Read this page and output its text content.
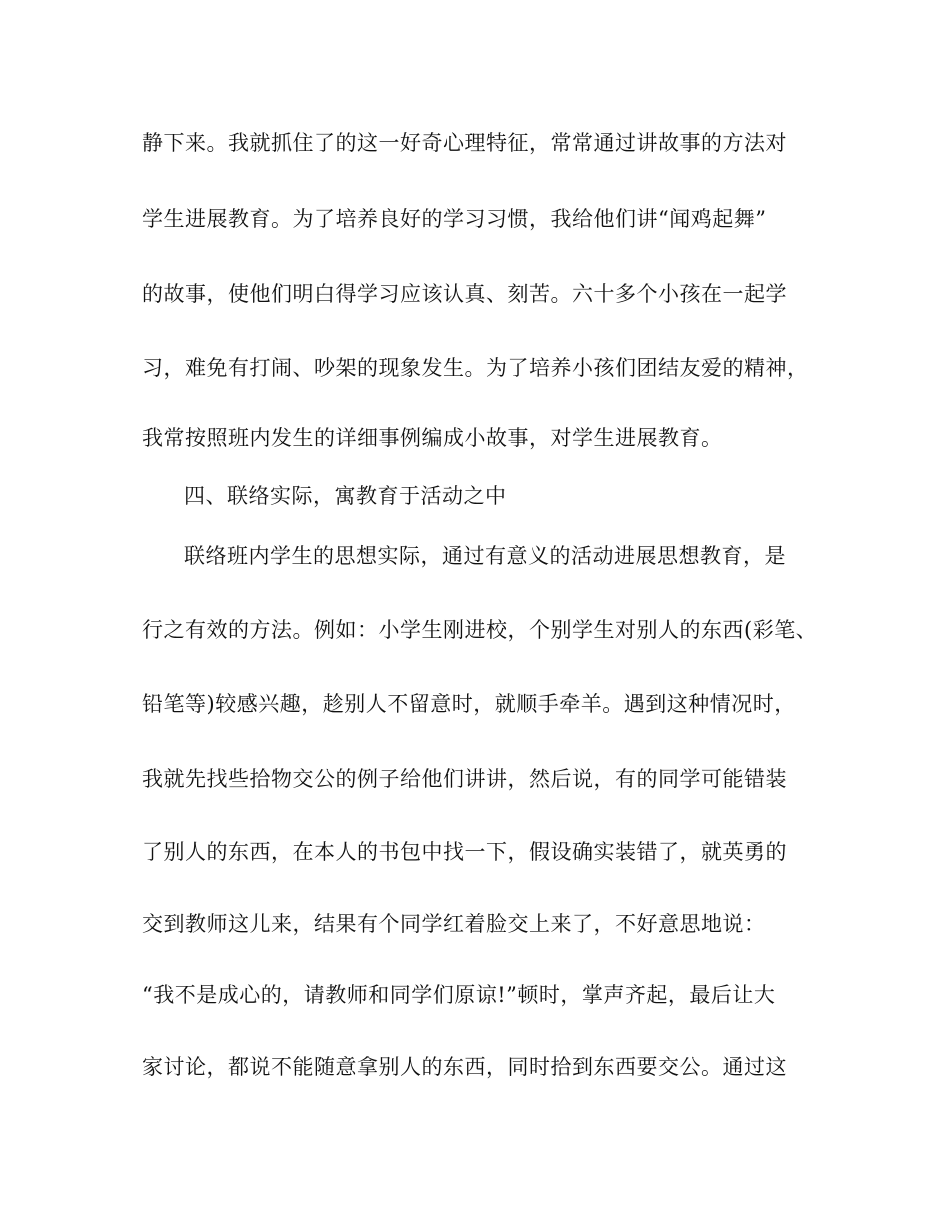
静下来。我就抓住了的这一好奇心理特征，常常通过讲故事的方法对
学生进展教育。为了培养良好的学习习惯，我给他们讲“闻鸡起舞”
的故事，使他们明白得学习应该认真、刻苦。六十多个小孩在一起学
习，难免有打闹、吵架的现象发生。为了培养小孩们团结友爱的精神，
我常按照班内发生的详细事例编成小故事，对学生进展教育。
四、联络实际，寓教育于活动之中
联络班内学生的思想实际，通过有意义的活动进展思想教育，是
行之有效的方法。例如：小学生刚进校，个别学生对别人的东西(彩笔、
铅笔等)较感兴趣，趁别人不留意时，就顺手牵羊。遇到这种情况时，
我就先找些拾物交公的例子给他们讲讲，然后说，有的同学可能错装
了别人的东西，在本人的书包中找一下，假设确实装错了，就英勇的
交到教师这儿来，结果有个同学红着脸交上来了，不好意思地说：
“我不是成心的，请教师和同学们原谅!”顿时，掌声齐起，最后让大
家讨论，都说不能随意拿别人的东西，同时拾到东西要交公。通过这
